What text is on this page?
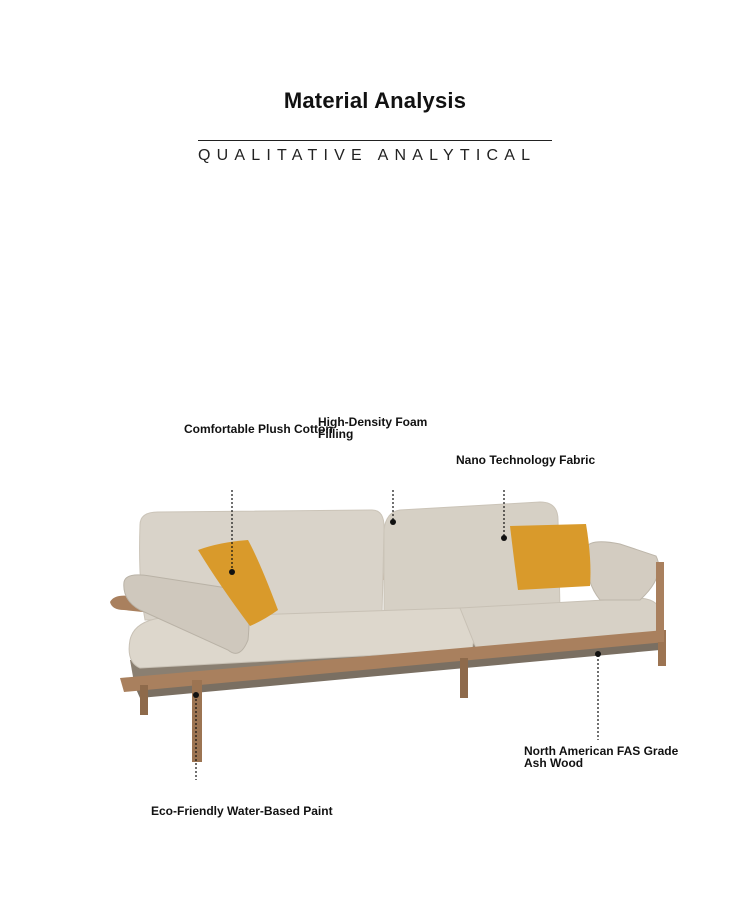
Material Analysis
QUALITATIVE ANALYTICAL
Comfortable Plush Cotton
High-Density Foam
Filling
Nano Technology Fabric
North American FAS Grade
Ash Wood
Eco-Friendly Water-Based Paint
